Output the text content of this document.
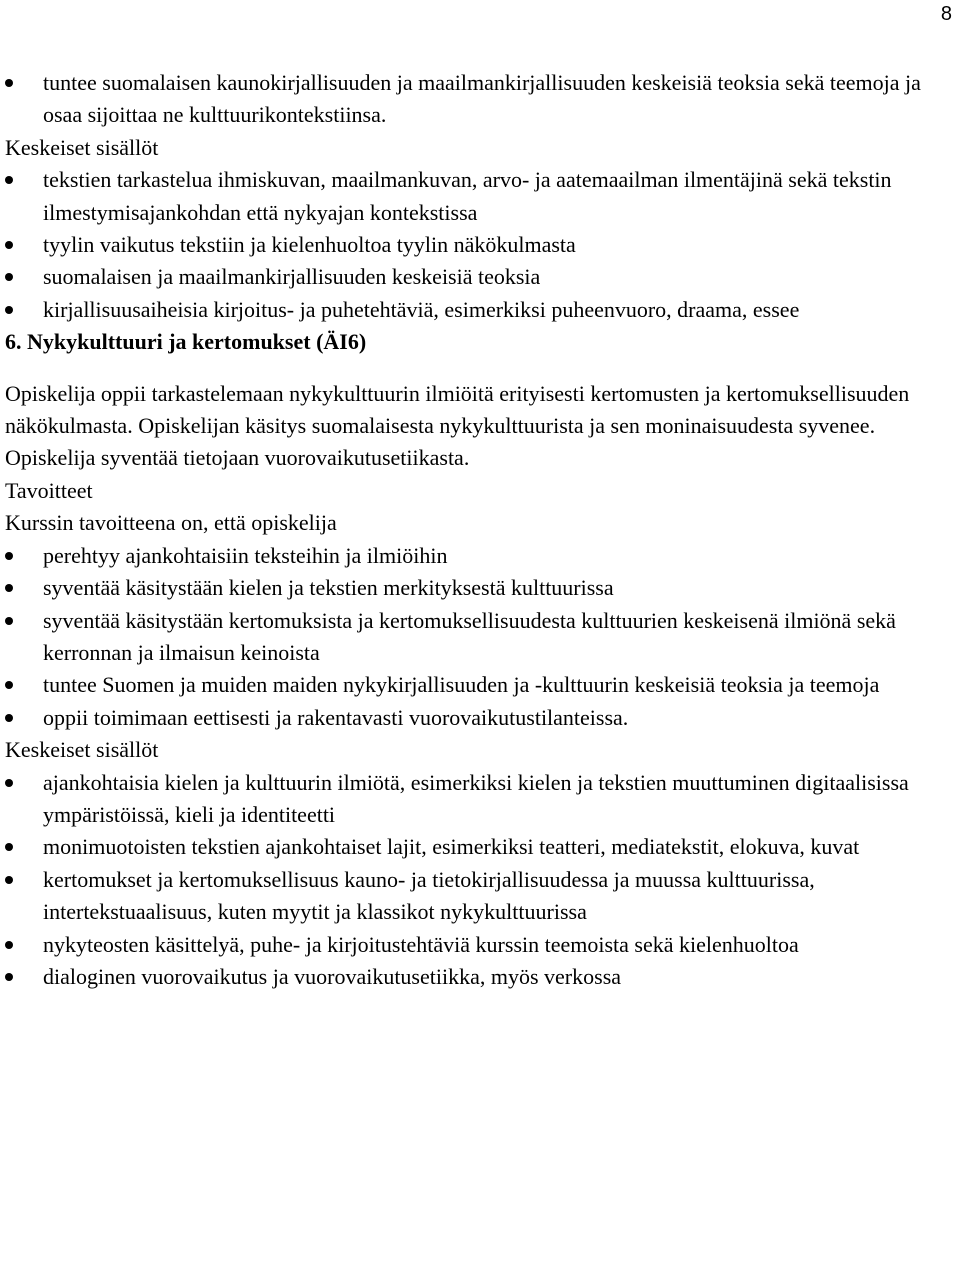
8
tuntee suomalaisen kaunokirjallisuuden ja maailmankirjallisuuden keskeisiä teoksia sekä teemoja ja osaa sijoittaa ne kulttuurikontekstiinsa.
Keskeiset sisällöt
tekstien tarkastelua ihmiskuvan, maailmankuvan, arvo- ja aatemaailman ilmentäjinä sekä tekstin ilmestymisajankohdan että nykyajan kontekstissa
tyylin vaikutus tekstiin ja kielenhuoltoa tyylin näkökulmasta
suomalaisen ja maailmankirjallisuuden keskeisiä teoksia
kirjallisuusaiheisia kirjoitus- ja puhetehtäviä, esimerkiksi puheenvuoro, draama, essee
6. Nykykulttuuri ja kertomukset (ÄI6)

Opiskelija oppii tarkastelemaan nykykulttuurin ilmiöitä erityisesti kertomusten ja kertomuksellisuuden näkökulmasta. Opiskelijan käsitys suomalaisesta nykykulttuurista ja sen moninaisuudesta syvenee. Opiskelija syventää tietojaan vuorovaikutusetiikasta.

Tavoitteet
Kurssin tavoitteena on, että opiskelija
perehtyy ajankohtaisiin teksteihin ja ilmiöihin
syventää käsitystään kielen ja tekstien merkityksestä kulttuurissa
syventää käsitystään kertomuksista ja kertomuksellisuudesta kulttuurien keskeisenä ilmiönä sekä kerronnan ja ilmaisun keinoista
tuntee Suomen ja muiden maiden nykykirjallisuuden ja -kulttuurin keskeisiä teoksia ja teemoja
oppii toimimaan eettisesti ja rakentavasti vuorovaikutustilanteissa.
Keskeiset sisällöt
ajankohtaisia kielen ja kulttuurin ilmiötä, esimerkiksi kielen ja tekstien muuttuminen digitaalisissa ympäristöissä, kieli ja identiteetti
monimuotoisten tekstien ajankohtaiset lajit, esimerkiksi teatteri, mediatekstit, elokuva, kuvat
kertomukset ja kertomuksellisuus kauno- ja tietokirjallisuudessa ja muussa kulttuurissa, intertekstuaalisuus, kuten myytit ja klassikot nykykulttuurissa
nykyteosten käsittelyä, puhe- ja kirjoitustehtäviä kurssin teemoista sekä kielenhuoltoa
dialoginen vuorovaikutus ja vuorovaikutusetiikka, myös verkossa
